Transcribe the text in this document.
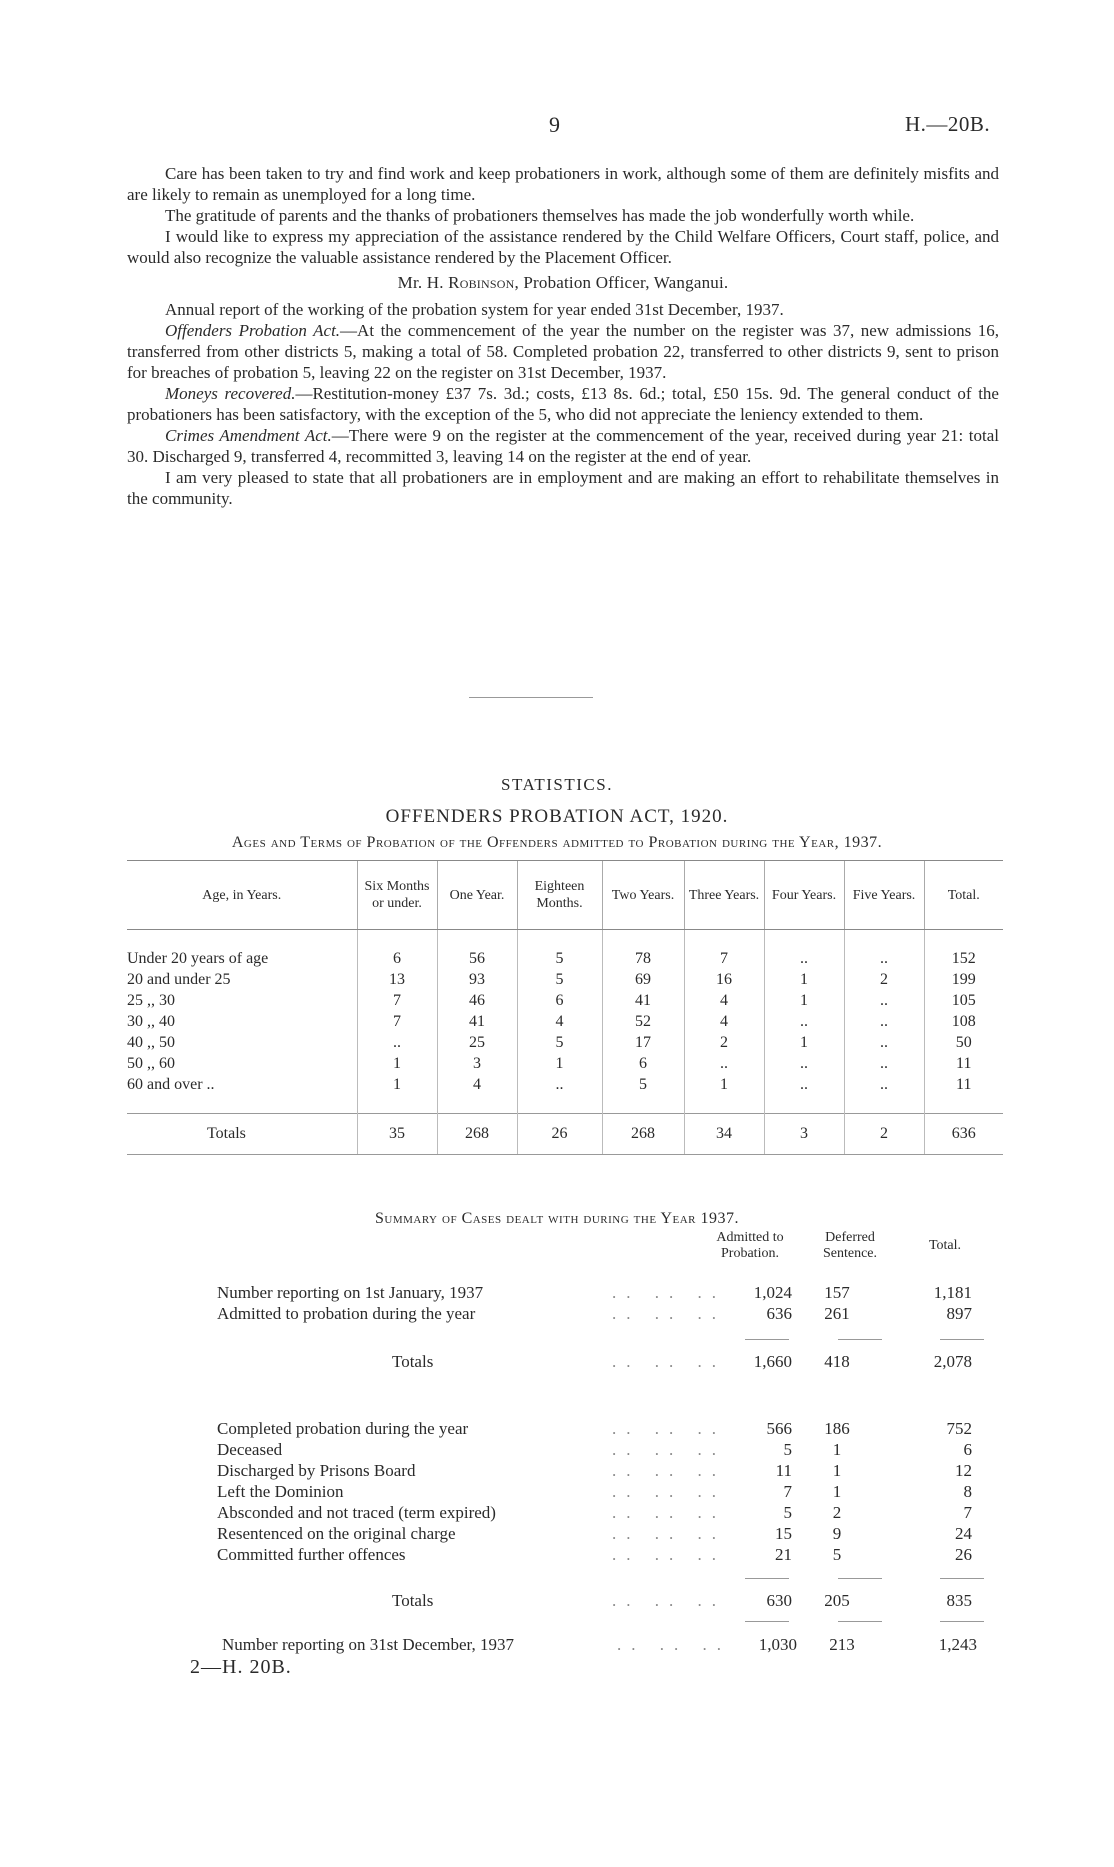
9	H.—20B.

Care has been taken to try and find work and keep probationers in work, although some of them are definitely misfits and are likely to remain as unemployed for a long time.

The gratitude of parents and the thanks of probationers themselves has made the job wonderfully worth while.

I would like to express my appreciation of the assistance rendered by the Child Welfare Officers, Court staff, police, and would also recognize the valuable assistance rendered by the Placement Officer.

Mr. H. Robinson, Probation Officer, Wanganui.

Annual report of the working of the probation system for year ended 31st December, 1937.

Offenders Probation Act.—At the commencement of the year the number on the register was 37, new admissions 16, transferred from other districts 5, making a total of 58. Completed probation 22, transferred to other districts 9, sent to prison for breaches of probation 5, leaving 22 on the register on 31st December, 1937.

Moneys recovered.—Restitution-money £37 7s. 3d.; costs, £13 8s. 6d.; total, £50 15s. 9d. The general conduct of the probationers has been satisfactory, with the exception of the 5, who did not appreciate the leniency extended to them.

Crimes Amendment Act.—There were 9 on the register at the commencement of the year, received during year 21: total 30. Discharged 9, transferred 4, recommitted 3, leaving 14 on the register at the end of year.

I am very pleased to state that all probationers are in employment and are making an effort to rehabilitate themselves in the community.

STATISTICS.
OFFENDERS PROBATION ACT, 1920.
Ages and Terms of Probation of the Offenders admitted to Probation during the Year, 1937.
Age, in Years.	Six Months or under.	One Year.	Eighteen Months.	Two Years.	Three Years.	Four Years.	Five Years.	Total.

Under 20 years of age	6	56	5	78	7	..	..	152
20 and under 25	13	93	5	69	16	1	2	199
25 ,, 30	7	46	6	41	4	1	..	105
30 ,, 40	7	41	4	52	4	..	..	108
40 ,, 50	..	25	5	17	2	1	..	50
50 ,, 60	1	3	1	6	..	..	..	11
60 and over ..	1	4	..	5	1	..	..	11

Totals	35	268	26	268	34	3	2	636
Summary of Cases dealt with during the Year 1937.
Admitted to Probation.
Deferred Sentence.
Total.
Number reporting on 1st January, 1937	1,024	157	1,181
.. .. ..
Admitted to probation during the year	636	261	897
.. .. ..
Totals	1,660	418	2,078
.. .. ..
Completed probation during the year	566	186	752
.. .. ..
Deceased	5	1	6
.. .. ..
Discharged by Prisons Board	11	1	12
.. .. ..
Left the Dominion	7	1	8
.. .. ..
Absconded and not traced (term expired)	5	2	7
.. .. ..
Resentenced on the original charge	15	9	24
.. .. ..
Committed further offences	21	5	26
.. .. ..
Totals	630	205	835
.. .. ..
Number reporting on 31st December, 1937	1,030	213	1,243
.. .. ..
2—H. 20B.
